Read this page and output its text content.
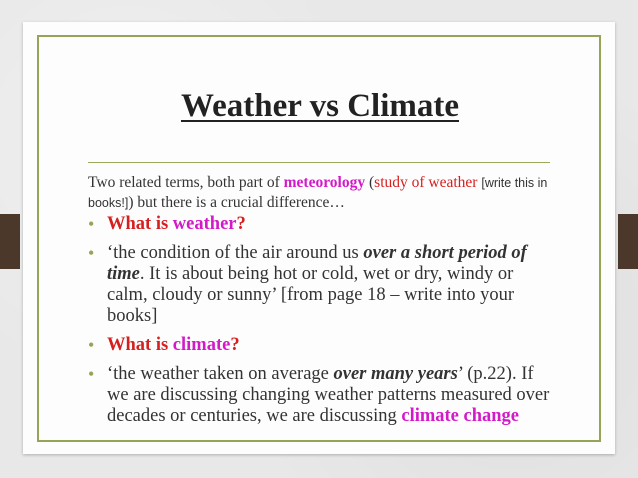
Weather vs Climate
Two related terms, both part of meteorology (study of weather [write this in books!]) but there is a crucial difference…
• What is weather?
• ‘the condition of the air around us over a short period of time. It is about being hot or cold, wet or dry, windy or calm, cloudy or sunny’ [from page 18 – write into your books]
• What is climate?
• ‘the weather taken on average over many years’ (p.22). If we are discussing changing weather patterns measured over decades or centuries, we are discussing climate change
